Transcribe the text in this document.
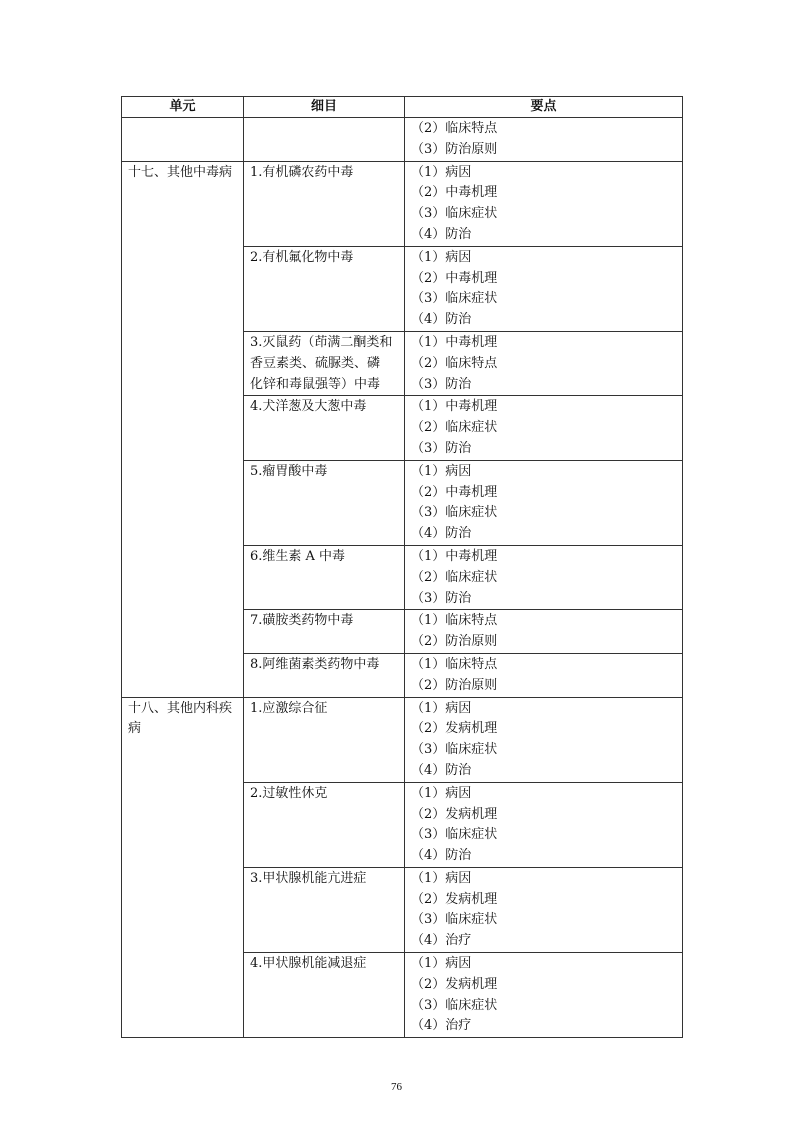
单元	细目	要点

		（2）临床特点
（3）防治原则

十七、其他中毒病	1.有机磷农药中毒	（1）病因
（2）中毒机理
（3）临床症状
（4）防治

	2.有机氟化物中毒	（1）病因
（2）中毒机理
（3）临床症状
（4）防治

	3.灭鼠药（茚满二酮类和
香豆素类、硫脲类、磷
化锌和毒鼠强等）中毒	（1）中毒机理
（2）临床特点
（3）防治

	4.犬洋葱及大葱中毒	（1）中毒机理
（2）临床症状
（3）防治

	5.瘤胃酸中毒	（1）病因
（2）中毒机理
（3）临床症状
（4）防治

	6.维生素 A 中毒	（1）中毒机理
（2）临床症状
（3）防治

	7.磺胺类药物中毒	（1）临床特点
（2）防治原则

	8.阿维菌素类药物中毒	（1）临床特点
（2）防治原则

十八、其他内科疾
病	1.应激综合征	（1）病因
（2）发病机理
（3）临床症状
（4）防治

	2.过敏性休克	（1）病因
（2）发病机理
（3）临床症状
（4）防治

	3.甲状腺机能亢进症	（1）病因
（2）发病机理
（3）临床症状
（4）治疗

	4.甲状腺机能减退症	（1）病因
（2）发病机理
（3）临床症状
（4）治疗
76
